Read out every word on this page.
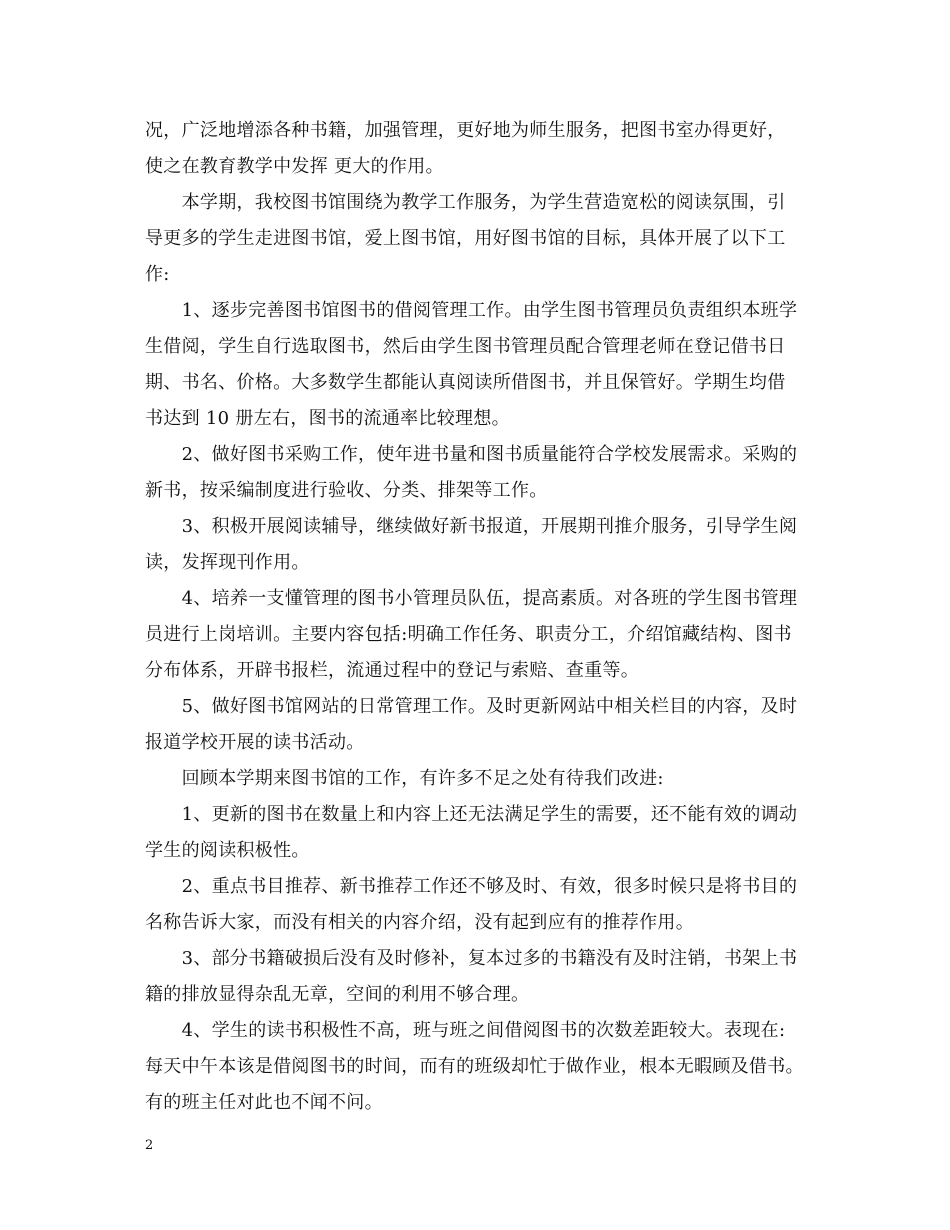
况，广泛地增添各种书籍，加强管理，更好地为师生服务，把图书室办得更好，
使之在教育教学中发挥 更大的作用。
　　本学期，我校图书馆围绕为教学工作服务，为学生营造宽松的阅读氛围，引
导更多的学生走进图书馆，爱上图书馆，用好图书馆的目标，具体开展了以下工
作:
　　1、逐步完善图书馆图书的借阅管理工作。由学生图书管理员负责组织本班学
生借阅，学生自行选取图书，然后由学生图书管理员配合管理老师在登记借书日
期、书名、价格。大多数学生都能认真阅读所借图书，并且保管好。学期生均借
书达到 10 册左右，图书的流通率比较理想。
　　2、做好图书采购工作，使年进书量和图书质量能符合学校发展需求。采购的
新书，按采编制度进行验收、分类、排架等工作。
　　3、积极开展阅读辅导，继续做好新书报道，开展期刊推介服务，引导学生阅
读，发挥现刊作用。
　　4、培养一支懂管理的图书小管理员队伍，提高素质。对各班的学生图书管理
员进行上岗培训。主要内容包括:明确工作任务、职责分工，介绍馆藏结构、图书
分布体系，开辟书报栏，流通过程中的登记与索赔、查重等。
　　5、做好图书馆网站的日常管理工作。及时更新网站中相关栏目的内容，及时
报道学校开展的读书活动。
　　回顾本学期来图书馆的工作，有许多不足之处有待我们改进:
　　1、更新的图书在数量上和内容上还无法满足学生的需要，还不能有效的调动
学生的阅读积极性。
　　2、重点书目推荐、新书推荐工作还不够及时、有效，很多时候只是将书目的
名称告诉大家，而没有相关的内容介绍，没有起到应有的推荐作用。
　　3、部分书籍破损后没有及时修补，复本过多的书籍没有及时注销，书架上书
籍的排放显得杂乱无章，空间的利用不够合理。
　　4、学生的读书积极性不高，班与班之间借阅图书的次数差距较大。表现在:
每天中午本该是借阅图书的时间，而有的班级却忙于做作业，根本无暇顾及借书。
有的班主任对此也不闻不问。
2
